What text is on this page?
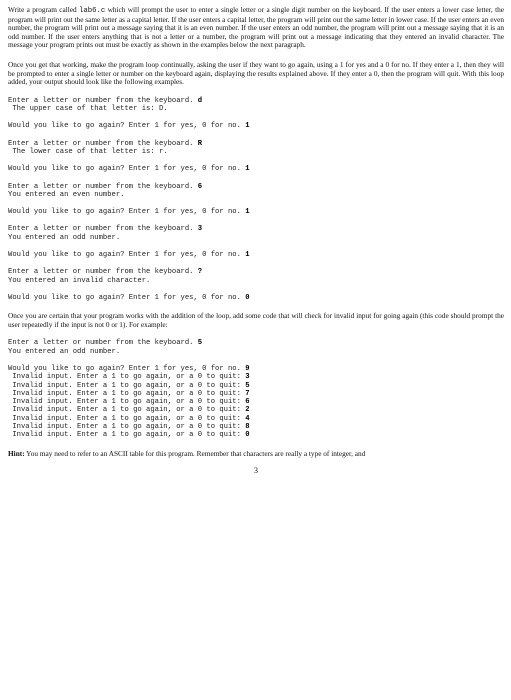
Write a program called lab6.c which will prompt the user to enter a single letter or a single digit number on the keyboard. If the user enters a lower case letter, the program will print out the same letter as a capital letter. If the user enters a capital letter, the program will print out the same letter in lower case. If the user enters an even number, the program will print out a message saying that it is an even number. If the user enters an odd number, the program will print out a message saying that it is an odd number. If the user enters anything that is not a letter or a number, the program will print out a message indicating that they entered an invalid character. The message your program prints out must be exactly as shown in the examples below the next paragraph.

Once you get that working, make the program loop continually, asking the user if they want to go again, using a 1 for yes and a 0 for no. If they enter a 1, then they will be prompted to enter a single letter or number on the keyboard again, displaying the results explained above. If they enter a 0, then the program will quit. With this loop added, your output should look like the following examples.

Enter a letter or number from the keyboard. d
The upper case of that letter is: D.
Would you like to go again? Enter 1 for yes, 0 for no. 1
Enter a letter or number from the keyboard. R
The lower case of that letter is: r.
Would you like to go again? Enter 1 for yes, 0 for no. 1
Enter a letter or number from the keyboard. 6
You entered an even number.
Would you like to go again? Enter 1 for yes, 0 for no. 1
Enter a letter or number from the keyboard. 3
You entered an odd number.
Would you like to go again? Enter 1 for yes, 0 for no. 1
Enter a letter or number from the keyboard. ?
You entered an invalid character.
Would you like to go again? Enter 1 for yes, 0 for no. 0

Once you are certain that your program works with the addition of the loop, add some code that will check for invalid input for going again (this code should prompt the user repeatedly if the input is not 0 or 1). For example:

Enter a letter or number from the keyboard. 5
You entered an odd number.
Would you like to go again? Enter 1 for yes, 0 for no. 9
Invalid input. Enter a 1 to go again, or a 0 to quit: 3
Invalid input. Enter a 1 to go again, or a 0 to quit: 5
Invalid input. Enter a 1 to go again, or a 0 to quit: 7
Invalid input. Enter a 1 to go again, or a 0 to quit: 6
Invalid input. Enter a 1 to go again, or a 0 to quit: 2
Invalid input. Enter a 1 to go again, or a 0 to quit: 4
Invalid input. Enter a 1 to go again, or a 0 to quit: 8
Invalid input. Enter a 1 to go again, or a 0 to quit: 0

Hint: You may need to refer to an ASCII table for this program. Remember that characters are really a type of integer, and

3
